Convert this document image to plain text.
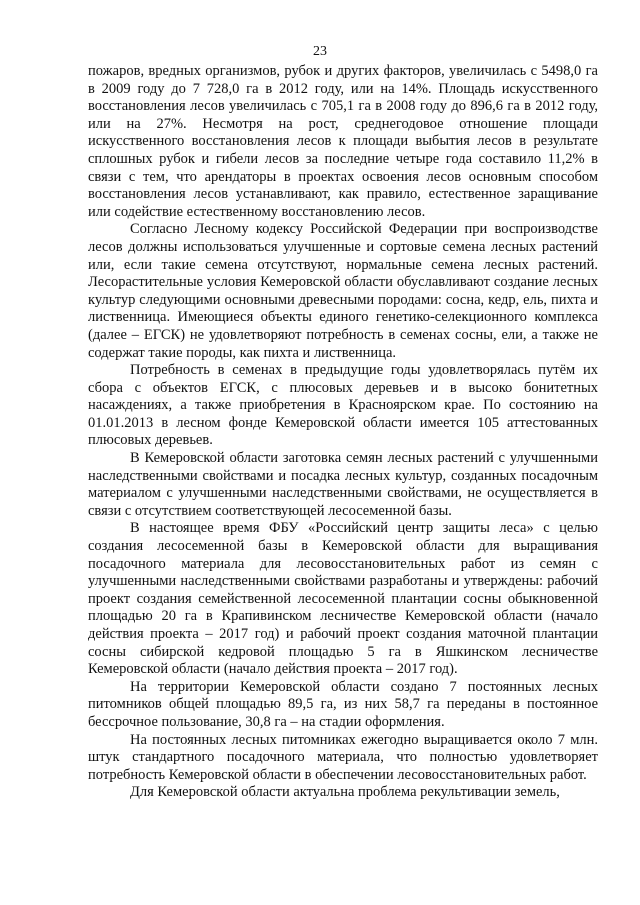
23

пожаров, вредных организмов, рубок и других факторов, увеличилась с 5498,0 га в 2009 году до 7 728,0 га в 2012 году, или на 14%. Площадь искусственного восстановления лесов увеличилась с 705,1 га в 2008 году до 896,6 га в 2012 году, или на 27%. Несмотря на рост, среднегодовое отношение площади искусственного восстановления лесов к площади выбытия лесов в результате сплошных рубок и гибели лесов за последние четыре года составило 11,2% в связи с тем, что арендаторы в проектах освоения лесов основным способом восстановления лесов устанавливают, как правило, естественное заращивание или содействие естественному восстановлению лесов.

Согласно Лесному кодексу Российской Федерации при воспроизводстве лесов должны использоваться улучшенные и сортовые семена лесных растений или, если такие семена отсутствуют, нормальные семена лесных растений. Лесорастительные условия Кемеровской области обуславливают создание лесных культур следующими основными древесными породами: сосна, кедр, ель, пихта и лиственница. Имеющиеся объекты единого генетико-селекционного комплекса (далее – ЕГСК) не удовлетворяют потребность в семенах сосны, ели, а также не содержат такие породы, как пихта и лиственница.

Потребность в семенах в предыдущие годы удовлетворялась путём их сбора с объектов ЕГСК, с плюсовых деревьев и в высоко бонитетных насаждениях, а также приобретения в Красноярском крае. По состоянию на 01.01.2013 в лесном фонде Кемеровской области имеется 105 аттестованных плюсовых деревьев.

В Кемеровской области заготовка семян лесных растений с улучшенными наследственными свойствами и посадка лесных культур, созданных посадочным материалом с улучшенными наследственными свойствами, не осуществляется в связи с отсутствием соответствующей лесосеменной базы.

В настоящее время ФБУ «Российский центр защиты леса» с целью создания лесосеменной базы в Кемеровской области для выращивания посадочного материала для лесовосстановительных работ из семян с улучшенными наследственными свойствами разработаны и утверждены: рабочий проект создания семейственной лесосеменной плантации сосны обыкновенной площадью 20 га в Крапивинском лесничестве Кемеровской области (начало действия проекта – 2017 год) и рабочий проект создания маточной плантации сосны сибирской кедровой площадью 5 га в Яшкинском лесничестве Кемеровской области (начало действия проекта – 2017 год).

На территории Кемеровской области создано 7 постоянных лесных питомников общей площадью 89,5 га, из них 58,7 га переданы в постоянное бессрочное пользование, 30,8 га – на стадии оформления.

На постоянных лесных питомниках ежегодно выращивается около 7 млн. штук стандартного посадочного материала, что полностью удовлетворяет потребность Кемеровской области в обеспечении лесовосстановительных работ.

Для Кемеровской области актуальна проблема рекультивации земель,
